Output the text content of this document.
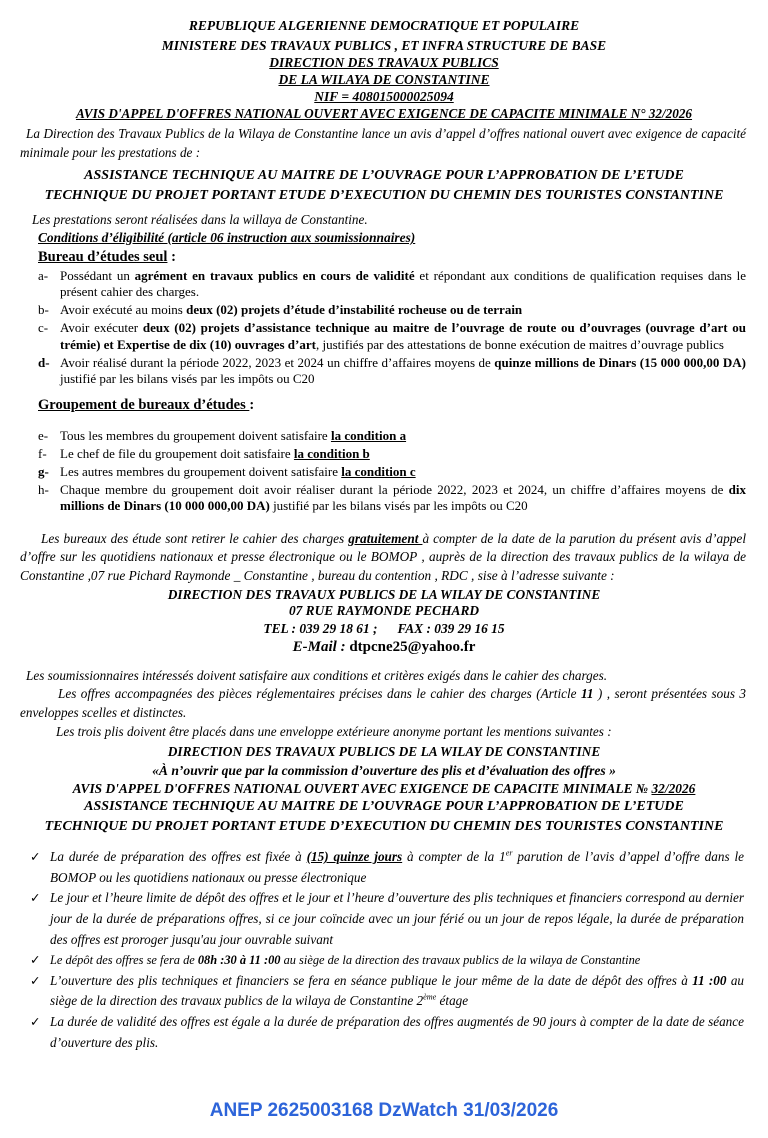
REPUBLIQUE ALGERIENNE DEMOCRATIQUE ET POPULAIRE
MINISTERE DES TRAVAUX PUBLICS , ET INFRA STRUCTURE DE BASE
DIRECTION DES TRAVAUX PUBLICS
DE LA WILAYA DE CONSTANTINE
NIF = 408015000025094
AVIS D'APPEL D'OFFRES NATIONAL OUVERT AVEC EXIGENCE DE CAPACITE MINIMALE N° 32/2026

La Direction des Travaux Publics de la Wilaya de Constantine lance un avis d’appel d’offres national ouvert avec exigence de capacité minimale pour les prestations de :

ASSISTANCE TECHNIQUE AU MAITRE DE L’OUVRAGE POUR L’APPROBATION DE L’ETUDE
TECHNIQUE DU PROJET PORTANT ETUDE D’EXECUTION DU CHEMIN DES TOURISTES CONSTANTINE
Les prestations seront réalisées dans la willaya de Constantine.
Conditions d’éligibilité (article 06 instruction aux soumissionnaires)
Bureau d’études seul :
a- Possédant un agrément en travaux publics en cours de validité et répondant aux conditions de qualification requises dans le présent cahier des charges.
b- Avoir exécuté au moins deux (02) projets d’étude d’instabilité rocheuse ou de terrain
c- Avoir exécuter deux (02) projets d’assistance technique au maitre de l’ouvrage de route ou d’ouvrages (ouvrage d’art ou trémie) et Expertise de dix (10) ouvrages d’art, justifiés par des attestations de bonne exécution de maitres d’ouvrage publics
d- Avoir réalisé durant la période 2022, 2023 et 2024 un chiffre d’affaires moyens de quinze millions de Dinars (15 000 000,00 DA) justifié par les bilans visés par les impôts ou C20
Groupement de bureaux d’études :
e- Tous les membres du groupement doivent satisfaire la condition a
f-	Le chef de file du groupement doit satisfaire la condition b
g- Les autres membres du groupement doivent satisfaire la condition c
h- Chaque membre du groupement doit avoir réaliser durant la période 2022, 2023 et 2024, un chiffre d’affaires moyens de dix millions de Dinars (10 000 000,00 DA) justifié par les bilans visés par les impôts ou C20

Les bureaux des étude sont retirer le cahier des charges gratuitement à compter de la date de la parution du présent avis d’appel d’offre sur les quotidiens nationaux et presse électronique ou le BOMOP , auprès de la direction des travaux publics de la wilaya de Constantine ,07 rue Pichard Raymonde _ Constantine , bureau du contention , RDC , sise à l’adresse suivante :

DIRECTION DES TRAVAUX PUBLICS DE LA WILAY DE CONSTANTINE
07 RUE RAYMONDE PECHARD
TEL : 039 29 18 61 ;      FAX : 039 29 16 15
E-Mail : dtpcne25@yahoo.fr

Les soumissionnaires intéressés doivent satisfaire aux conditions et critères exigés dans le cahier des charges.

Les offres accompagnées des pièces réglementaires précises dans le cahier des charges (Article 11 ) , seront présentées sous 3 enveloppes scelles et distinctes.

Les trois plis doivent être placés dans une enveloppe extérieure anonyme portant les mentions suivantes :

DIRECTION DES TRAVAUX PUBLICS DE LA WILAY DE CONSTANTINE
«À n’ouvrir que par la commission d’ouverture des plis et d’évaluation des offres »
AVIS D'APPEL D'OFFRES NATIONAL OUVERT AVEC EXIGENCE DE CAPACITE MINIMALE № 32/2026
ASSISTANCE TECHNIQUE AU MAITRE DE L’OUVRAGE POUR L’APPROBATION DE L’ETUDE
TECHNIQUE DU PROJET PORTANT ETUDE D’EXECUTION DU CHEMIN DES TOURISTES CONSTANTINE
✓ La durée de préparation des offres est fixée à (15) quinze jours à compter de la 1er parution de l’avis d’appel d’offre dans le BOMOP ou les quotidiens nationaux ou presse électronique
✓ Le jour et l’heure limite de dépôt des offres et le jour et l’heure d’ouverture des plis techniques et financiers correspond au dernier jour de la durée de préparations offres, si ce jour coïncide avec un jour férié ou un jour de repos légale, la durée de préparation des offres est proroger jusqu'au jour ouvrable suivant
✓ Le dépôt des offres se fera de 08h :30 à 11 :00 au siège de la direction des travaux publics de la wilaya de Constantine
✓ L’ouverture des plis techniques et financiers se fera en séance publique le jour même de la date de dépôt des offres à 11 :00 au siège de la direction des travaux publics de la wilaya de Constantine 2ème étage
✓ La durée de validité des offres est égale a la durée de préparation des offres augmentés de 90 jours à compter de la date de séance d’ouverture des plis.
ANEP 2625003168 DzWatch 31/03/2026
